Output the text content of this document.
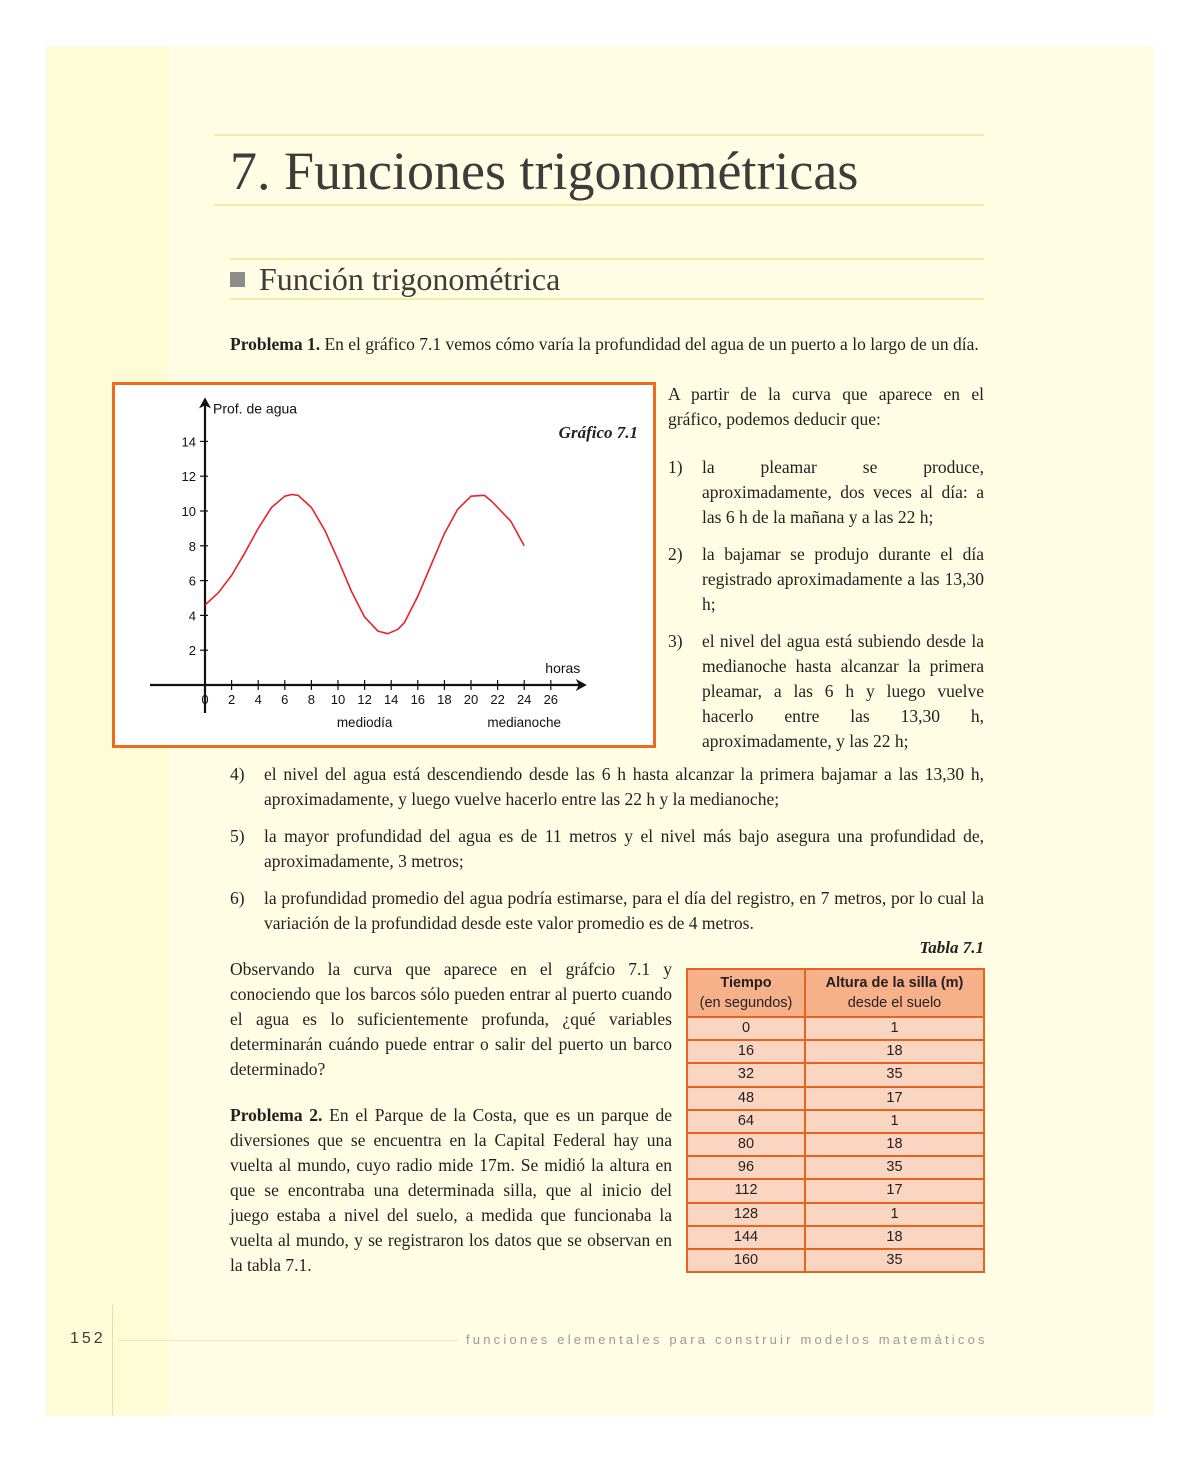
7. Funciones trigonométricas
Función trigonométrica

Problema 1. En el gráfico 7.1 vemos cómo varía la profundidad del agua de un puerto a lo largo de un día.

0 2 4 6 8 10 12 14 16 18 20 22 24 26
2
4
6
8
10
12
14
Prof. de agua
horas
Gráfico 7.1
mediodía	medianoche

A partir de la curva que aparece en el gráfico, podemos deducir que:

1) la pleamar se produce, aproximadamente, dos veces al día: a las 6 h de la mañana y a las 22 h;
2) la bajamar se produjo durante el día registrado aproximadamente a las 13,30 h;
3) el nivel del agua está subiendo desde la medianoche hasta alcanzar la primera pleamar, a las 6 h y luego vuelve hacerlo entre las 13,30 h, aproximadamente, y las 22 h;
4) el nivel del agua está descendiendo desde las 6 h hasta alcanzar la primera bajamar a las 13,30 h, aproximadamente, y luego vuelve hacerlo entre las 22 h y la medianoche;
5) la mayor profundidad del agua es de 11 metros y el nivel más bajo asegura una profundidad de, aproximadamente, 3 metros;
6) la profundidad promedio del agua podría estimarse, para el día del registro, en 7 metros, por lo cual la variación de la profundidad desde este valor promedio es de 4 metros.

Observando la curva que aparece en el gráfcio 7.1 y conociendo que los barcos sólo pueden entrar al puerto cuando el agua es lo suficientemente profunda, ¿qué variables determinarán cuándo puede entrar o salir del puerto un barco determinado?

Problema 2. En el Parque de la Costa, que es un parque de diversiones que se encuentra en la Capital Federal hay una vuelta al mundo, cuyo radio mide 17m. Se midió la altura en que se encontraba una determinada silla, que al inicio del juego estaba a nivel del suelo, a medida que funcionaba la vuelta al mundo, y se registraron los datos que se observan en la tabla 7.1.

Tabla 7.1
Tiempo
(en segundos)	Altura de la silla (m)
desde el suelo
0	1
16	18
32	35
48	17
64	1
80	18
96	35
112	17
128	1
144	18
160	35
152	funciones elementales para construir modelos matemáticos
